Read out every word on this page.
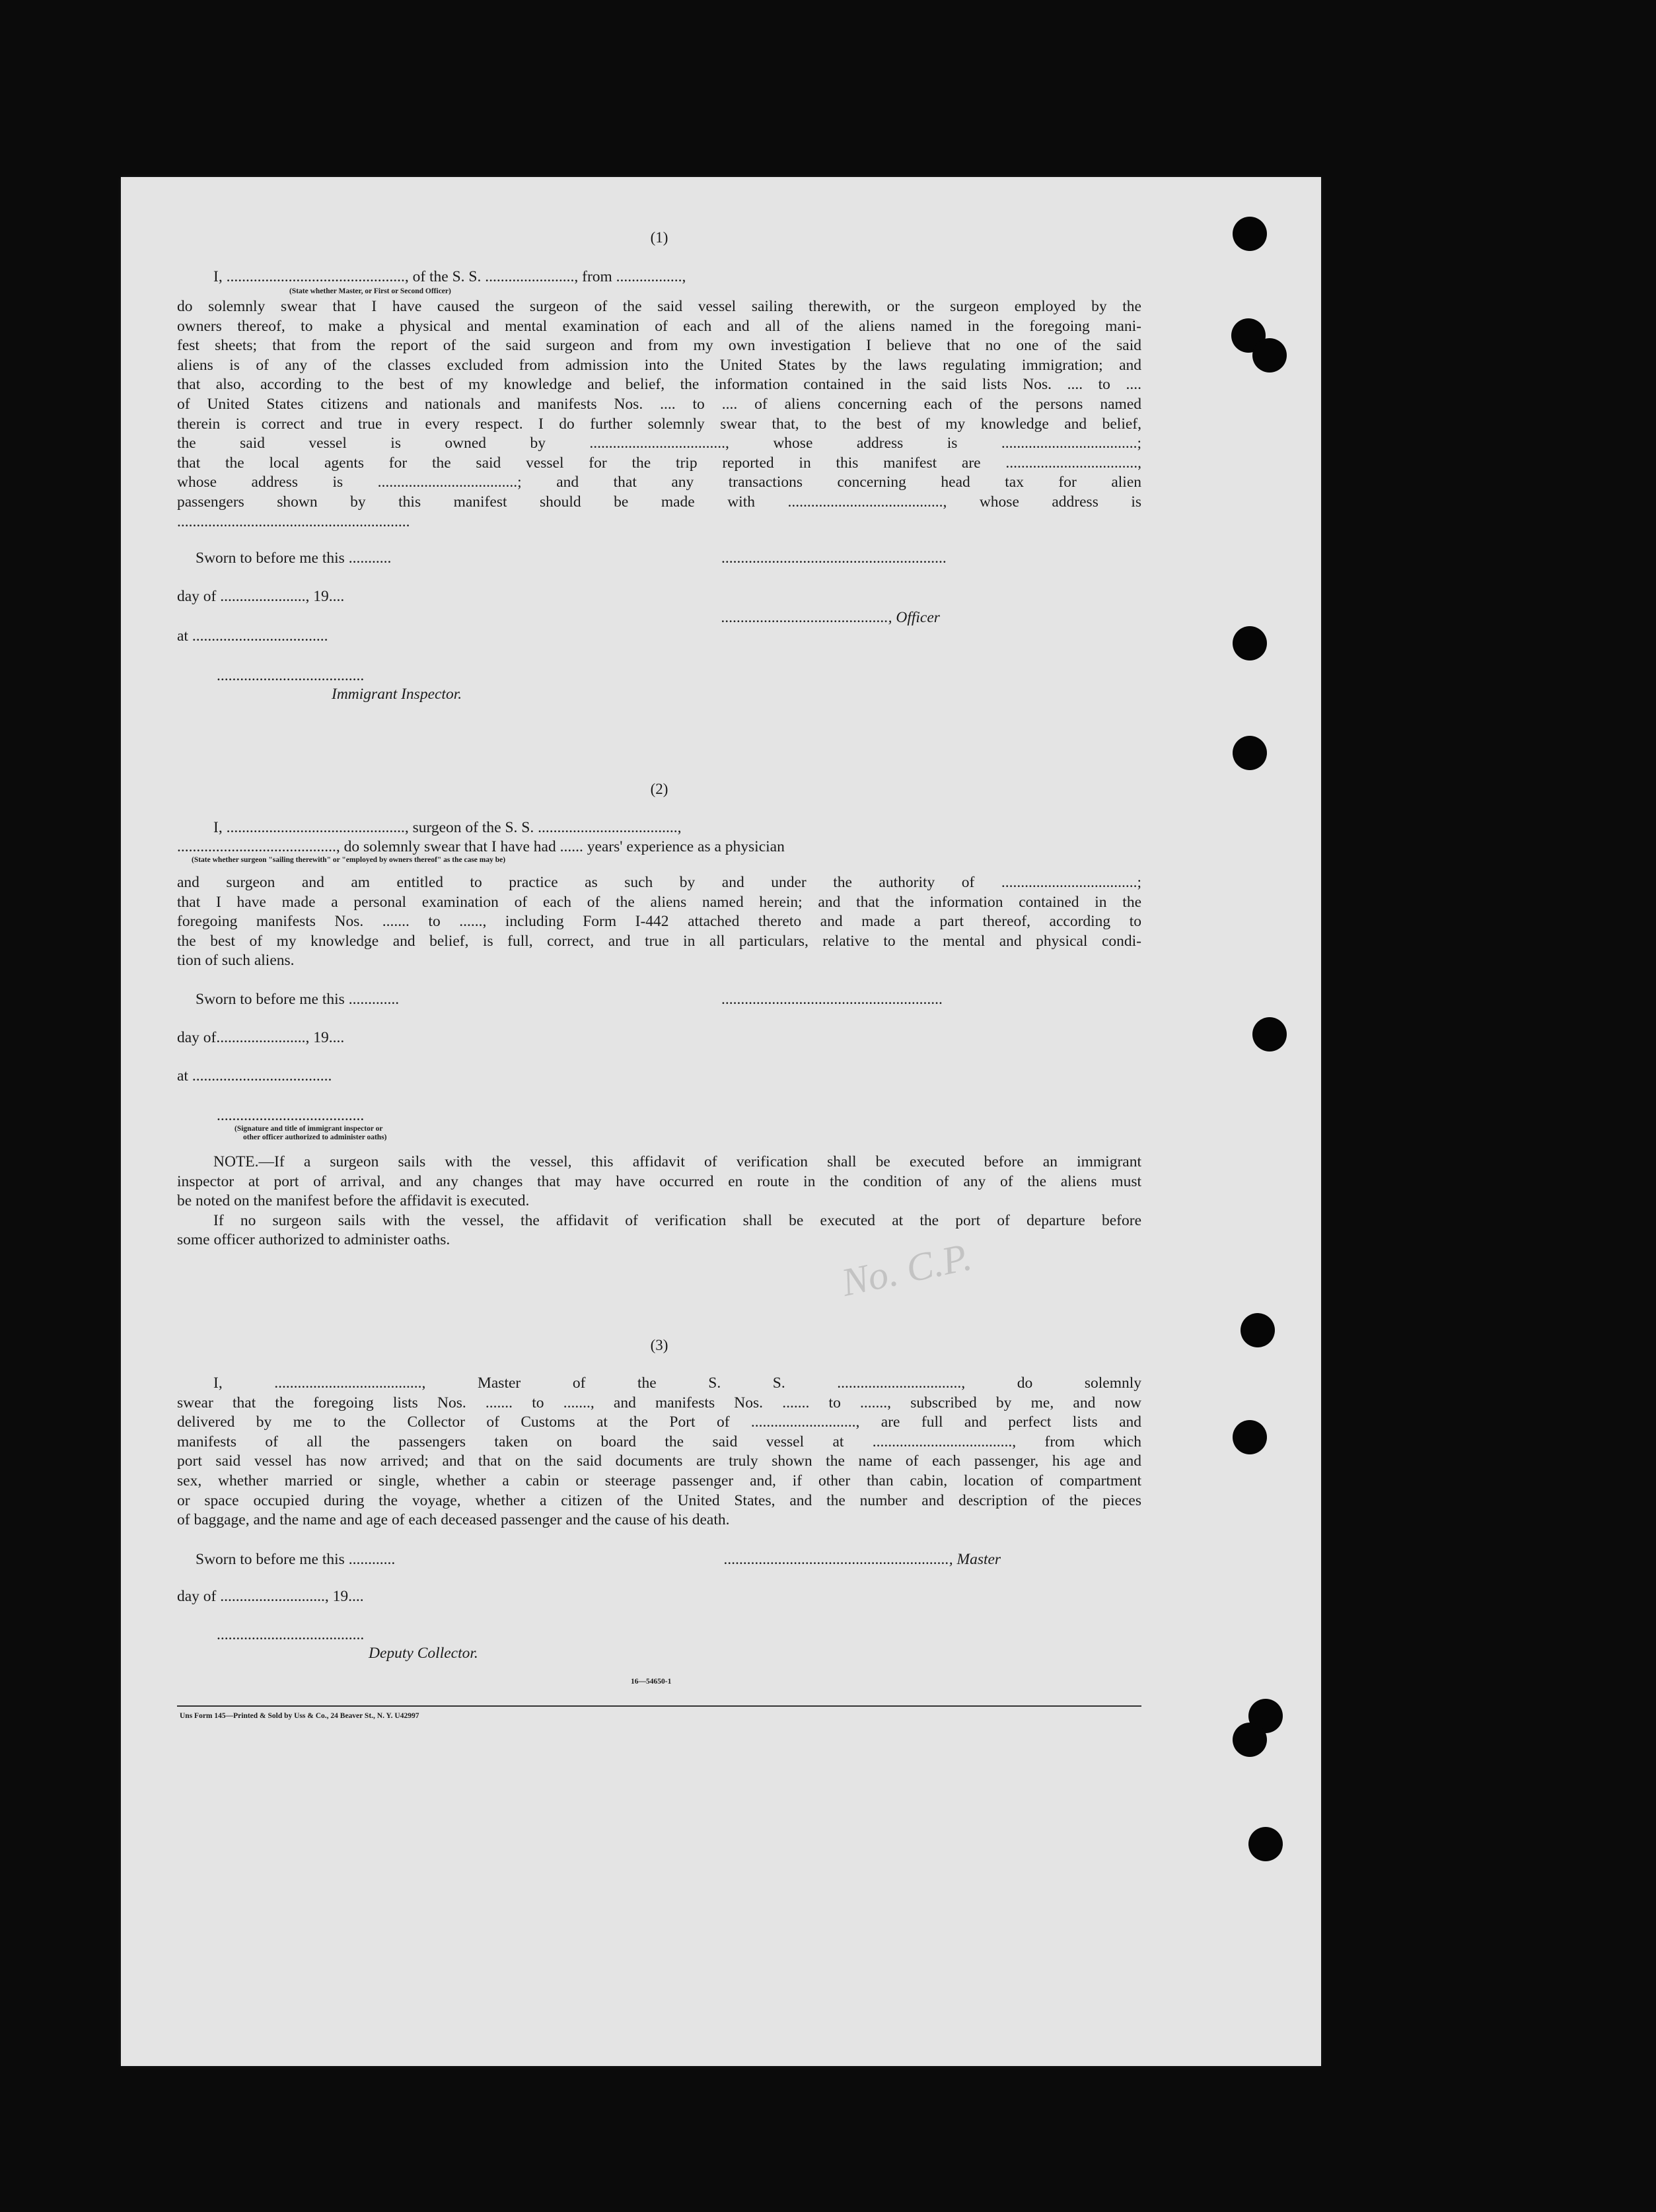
No. C.P.
(1)
I, .............................................., of the S. S. ......................., from .................,
(State whether Master, or First or Second Officer)
do solemnly swear that I have caused the surgeon of the said vessel sailing therewith, or the surgeon employed by the
owners thereof, to make a physical and mental examination of each and all of the aliens named in the foregoing mani-
fest sheets; that from the report of the said surgeon and from my own investigation I believe that no one of the said
aliens is of any of the classes excluded from admission into the United States by the laws regulating immigration; and
that also, according to the best of my knowledge and belief, the information contained in the said lists Nos. .... to ....
of United States citizens and nationals and manifests Nos. .... to .... of aliens concerning each of the persons named
therein is correct and true in every respect. I do further solemnly swear that, to the best of my knowledge and belief,
the said vessel is owned by ..................................., whose address is ...................................;
that the local agents for the said vessel for the trip reported in this manifest are ..................................,
whose address is ....................................; and that any transactions concerning head tax for alien
passengers shown by this manifest should be made with ........................................, whose address is
............................................................
Sworn to before me this ...........	..........................................................
day of ......................, 19....
..........................................., Officer
at ...................................
......................................
Immigrant Inspector.
(2)
I, .............................................., surgeon of the S. S. ....................................,
........................................., do solemnly swear that I have had ...... years' experience as a physician
(State whether surgeon "sailing therewith" or "employed by owners thereof" as the case may be)
and surgeon and am entitled to practice as such by and under the authority of ...................................;
that I have made a personal examination of each of the aliens named herein; and that the information contained in the
foregoing manifests Nos. ....... to ......, including Form I-442 attached thereto and made a part thereof, according to
the best of my knowledge and belief, is full, correct, and true in all particulars, relative to the mental and physical condi-
tion of such aliens.
Sworn to before me this .............	.........................................................
day of......................., 19....
at ....................................
......................................
(Signature and title of immigrant inspector or
other officer authorized to administer oaths)
NOTE.—If a surgeon sails with the vessel, this affidavit of verification shall be executed before an immigrant
inspector at port of arrival, and any changes that may have occurred en route in the condition of any of the aliens must
be noted on the manifest before the affidavit is executed.
If no surgeon sails with the vessel, the affidavit of verification shall be executed at the port of departure before
some officer authorized to administer oaths.
(3)
I, ......................................, Master of the S. S. ................................, do solemnly
swear that the foregoing lists Nos. ....... to ......., and manifests Nos. ....... to ......., subscribed by me, and now
delivered by me to the Collector of Customs at the Port of ..........................., are full and perfect lists and
manifests of all the passengers taken on board the said vessel at ...................................., from which
port said vessel has now arrived; and that on the said documents are truly shown the name of each passenger, his age and
sex, whether married or single, whether a cabin or steerage passenger and, if other than cabin, location of compartment
or space occupied during the voyage, whether a citizen of the United States, and the number and description of the pieces
of baggage, and the name and age of each deceased passenger and the cause of his death.
Sworn to before me this ............	.........................................................., Master
day of ..........................., 19....
......................................
Deputy Collector.
16—54650-1
Uns Form 145—Printed & Sold by Uss & Co., 24 Beaver St., N. Y. U42997
